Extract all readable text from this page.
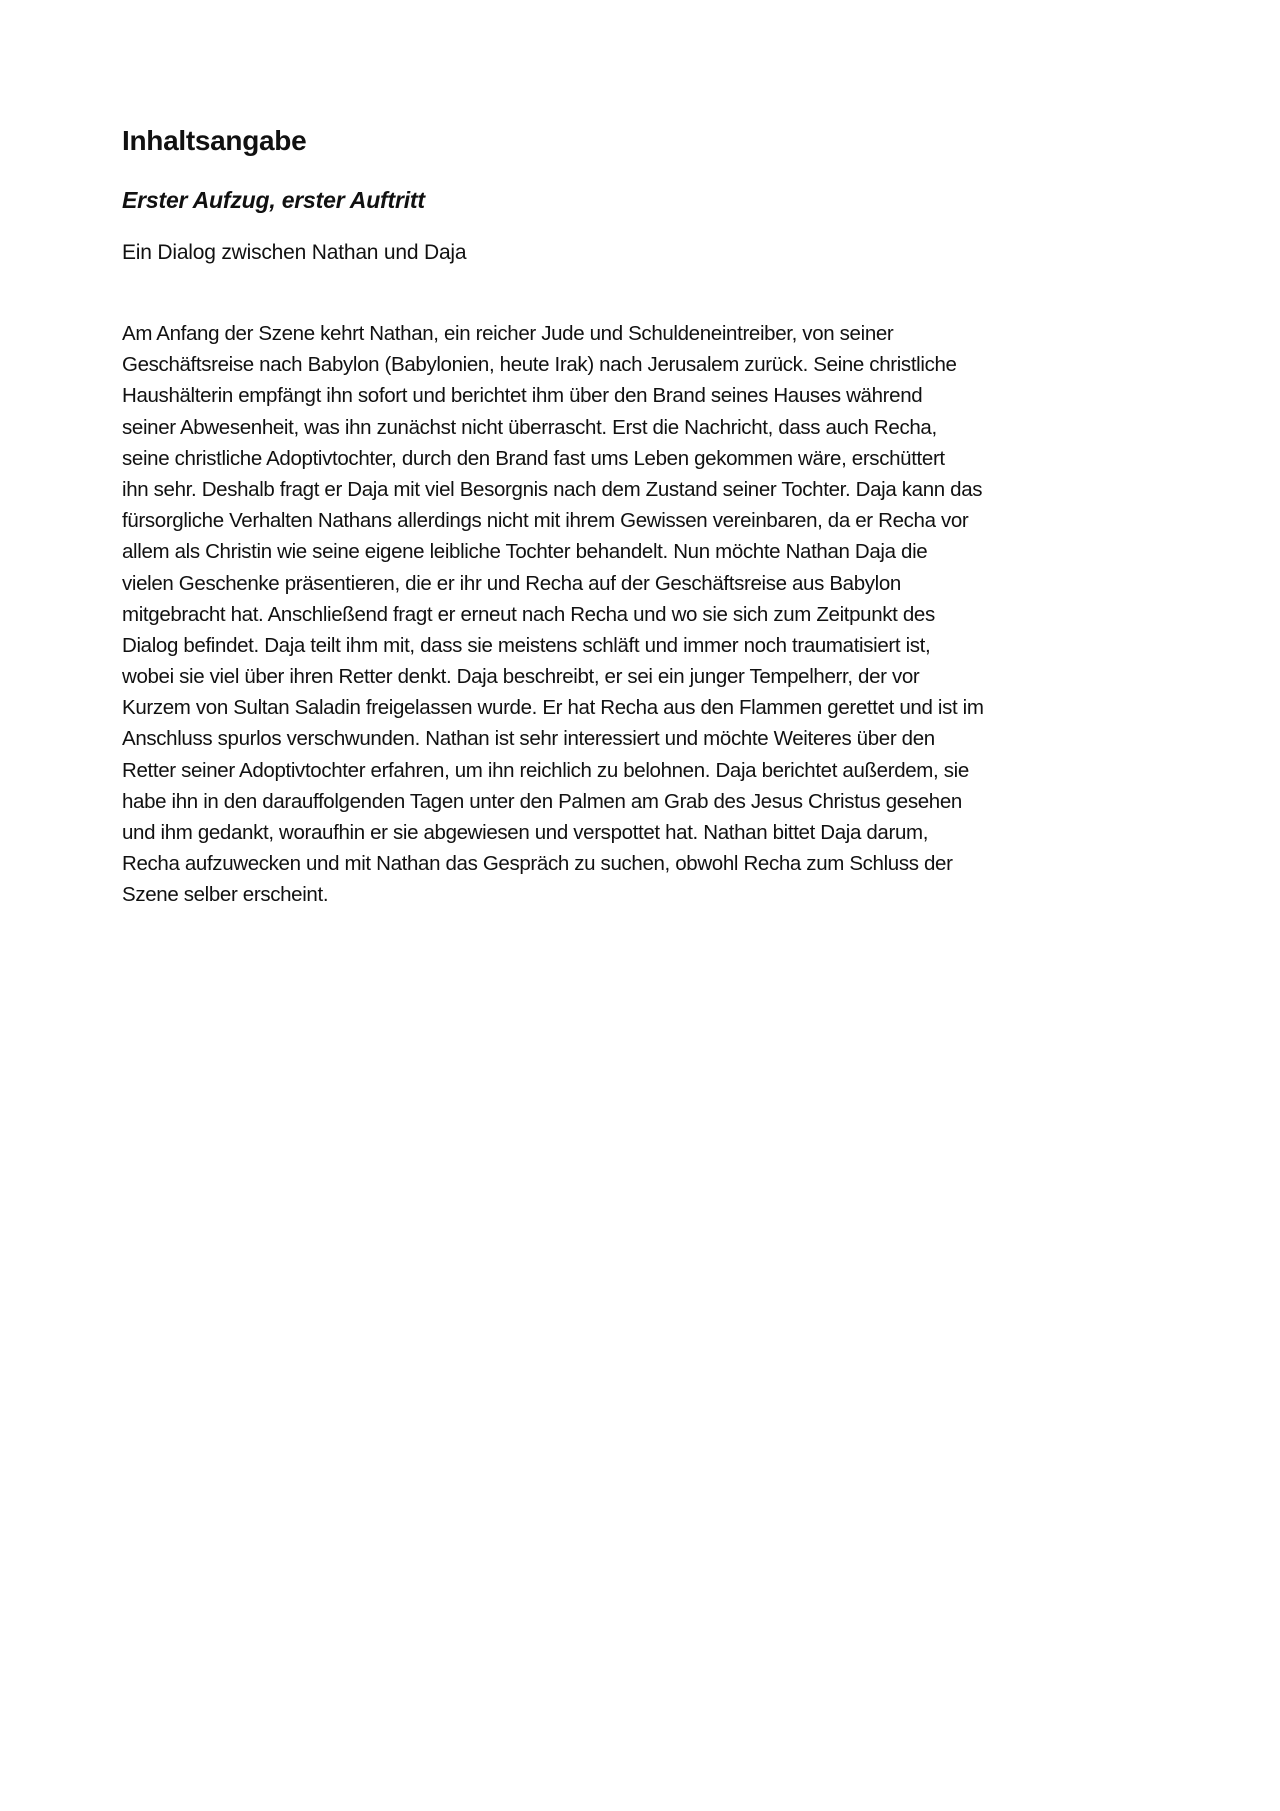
Inhaltsangabe
Erster Aufzug, erster Auftritt

Ein Dialog zwischen Nathan und Daja

Am Anfang der Szene kehrt Nathan, ein reicher Jude und Schuldeneintreiber, von seiner
Geschäftsreise nach Babylon (Babylonien, heute Irak) nach Jerusalem zurück. Seine christliche
Haushälterin empfängt ihn sofort und berichtet ihm über den Brand seines Hauses während
seiner Abwesenheit, was ihn zunächst nicht überrascht. Erst die Nachricht, dass auch Recha,
seine christliche Adoptivtochter, durch den Brand fast ums Leben gekommen wäre, erschüttert
ihn sehr. Deshalb fragt er Daja mit viel Besorgnis nach dem Zustand seiner Tochter. Daja kann das
fürsorgliche Verhalten Nathans allerdings nicht mit ihrem Gewissen vereinbaren, da er Recha vor
allem als Christin wie seine eigene leibliche Tochter behandelt. Nun möchte Nathan Daja die
vielen Geschenke präsentieren, die er ihr und Recha auf der Geschäftsreise aus Babylon
mitgebracht hat. Anschließend fragt er erneut nach Recha und wo sie sich zum Zeitpunkt des
Dialog befindet. Daja teilt ihm mit, dass sie meistens schläft und immer noch traumatisiert ist,
wobei sie viel über ihren Retter denkt. Daja beschreibt, er sei ein junger Tempelherr, der vor
Kurzem von Sultan Saladin freigelassen wurde. Er hat Recha aus den Flammen gerettet und ist im
Anschluss spurlos verschwunden. Nathan ist sehr interessiert und möchte Weiteres über den
Retter seiner Adoptivtochter erfahren, um ihn reichlich zu belohnen. Daja berichtet außerdem, sie
habe ihn in den darauffolgenden Tagen unter den Palmen am Grab des Jesus Christus gesehen
und ihm gedankt, woraufhin er sie abgewiesen und verspottet hat. Nathan bittet Daja darum,
Recha aufzuwecken und mit Nathan das Gespräch zu suchen, obwohl Recha zum Schluss der
Szene selber erscheint.
